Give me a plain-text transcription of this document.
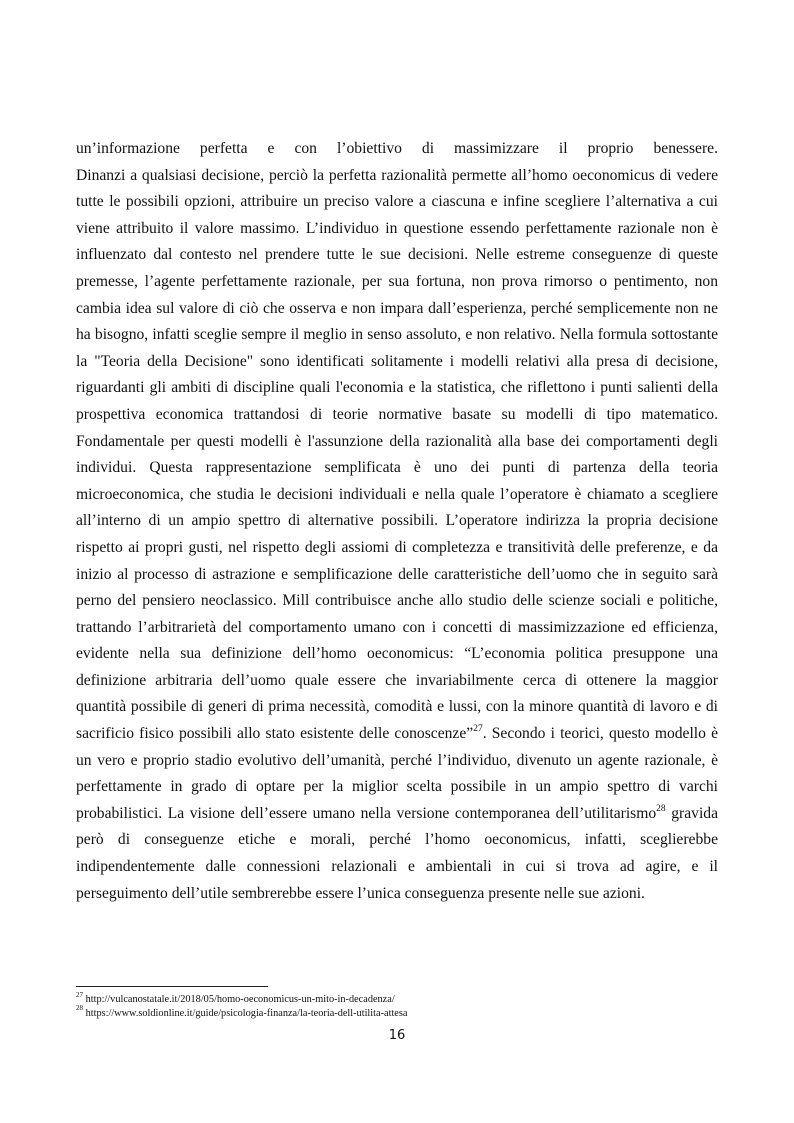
un’informazione perfetta e con l’obiettivo di massimizzare il proprio benessere.
Dinanzi a qualsiasi decisione, perciò la perfetta razionalità permette all’homo oeconomicus di vedere
tutte le possibili opzioni, attribuire un preciso valore a ciascuna e infine scegliere l’alternativa a cui
viene attribuito il valore massimo. L’individuo in questione essendo perfettamente razionale non è
influenzato dal contesto nel prendere tutte le sue decisioni. Nelle estreme conseguenze di queste
premesse, l’agente perfettamente razionale, per sua fortuna, non prova rimorso o pentimento, non
cambia idea sul valore di ciò che osserva e non impara dall’esperienza, perché semplicemente non ne
ha bisogno, infatti sceglie sempre il meglio in senso assoluto, e non relativo. Nella formula sottostante
la "Teoria della Decisione" sono identificati solitamente i modelli relativi alla presa di decisione,
riguardanti gli ambiti di discipline quali l'economia e la statistica, che riflettono i punti salienti della
prospettiva economica trattandosi di teorie normative basate su modelli di tipo matematico.
Fondamentale per questi modelli è l'assunzione della razionalità alla base dei comportamenti degli
individui. Questa rappresentazione semplificata è uno dei punti di partenza della teoria
microeconomica, che studia le decisioni individuali e nella quale l’operatore è chiamato a scegliere
all’interno di un ampio spettro di alternative possibili. L’operatore indirizza la propria decisione
rispetto ai propri gusti, nel rispetto degli assiomi di completezza e transitività delle preferenze, e da
inizio al processo di astrazione e semplificazione delle caratteristiche dell’uomo che in seguito sarà
perno del pensiero neoclassico. Mill contribuisce anche allo studio delle scienze sociali e politiche,
trattando l’arbitrarietà del comportamento umano con i concetti di massimizzazione ed efficienza,
evidente nella sua definizione dell’homo oeconomicus: “L’economia politica presuppone una
definizione arbitraria dell’uomo quale essere che invariabilmente cerca di ottenere la maggior
quantità possibile di generi di prima necessità, comodità e lussi, con la minore quantità di lavoro e di
sacrificio fisico possibili allo stato esistente delle conoscenze”$^{27}$. Secondo i teorici, questo modello è
un vero e proprio stadio evolutivo dell’umanità, perché l’individuo, divenuto un agente razionale, è
perfettamente in grado di optare per la miglior scelta possibile in un ampio spettro di varchi
probabilistici. La visione dell’essere umano nella versione contemporanea dell’utilitarismo$^{28}$ gravida
però di conseguenze etiche e morali, perché l’homo oeconomicus, infatti, sceglierebbe
indipendentemente dalle connessioni relazionali e ambientali in cui si trova ad agire, e il
perseguimento dell’utile sembrerebbe essere l’unica conseguenza presente nelle sue azioni.
$^{27}$ http://vulcanostatale.it/2018/05/homo-oeconomicus-un-mito-in-decadenza/
$^{28}$ https://www.soldionline.it/guide/psicologia-finanza/la-teoria-dell-utilita-attesa
16
